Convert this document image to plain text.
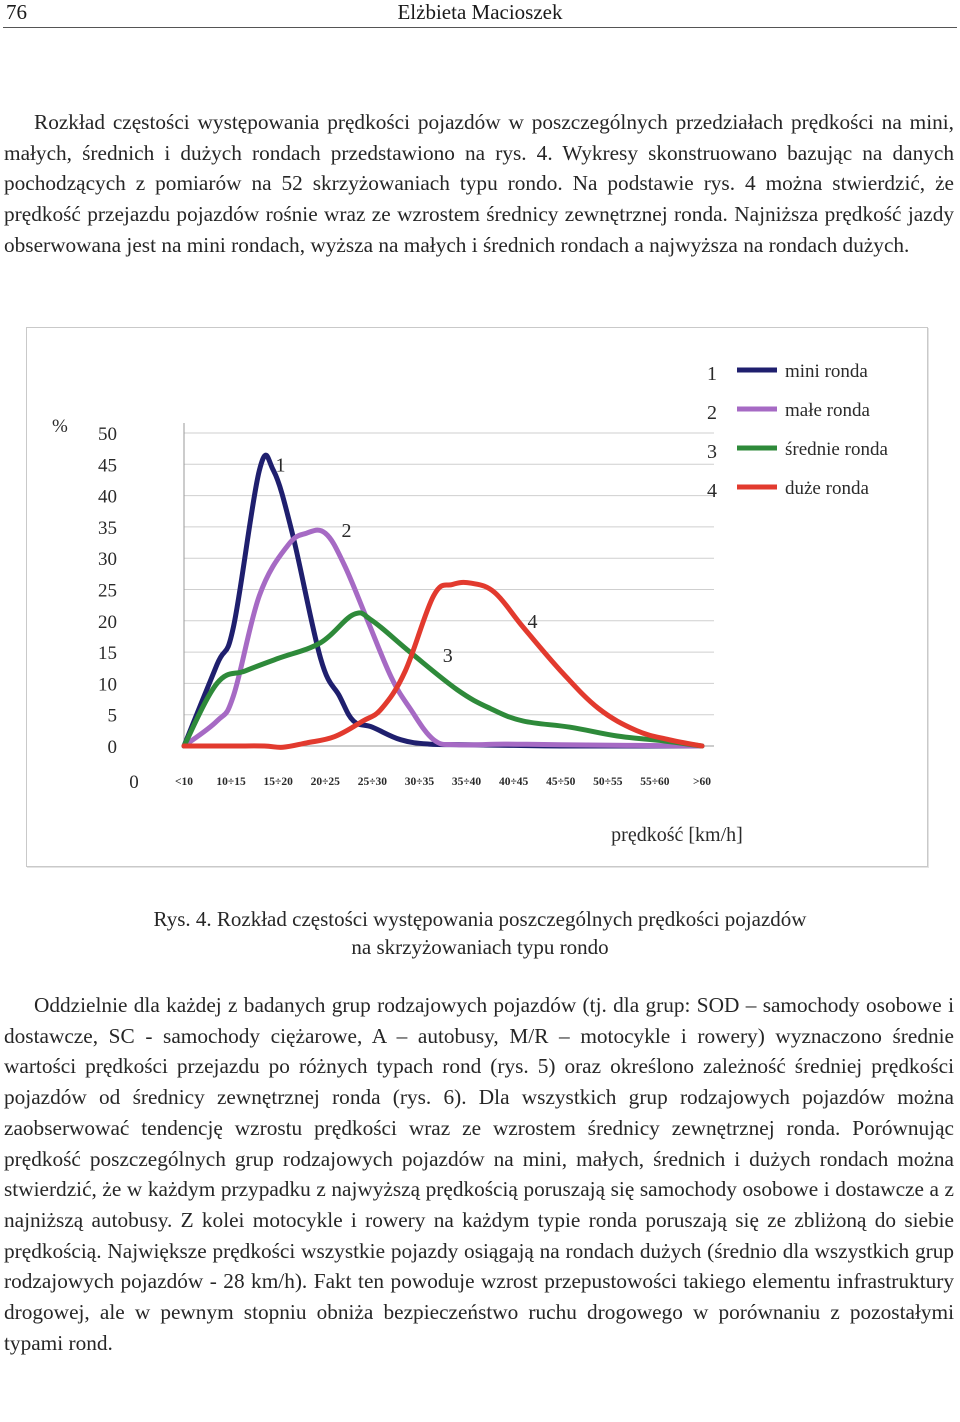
76	Elżbieta Macioszek

Rozkład częstości występowania prędkości pojazdów w poszczególnych przedziałach prędkości na mini, małych, średnich i dużych rondach przedstawiono na rys. 4. Wykresy skonstruowano bazując na danych pochodzących z pomiarów na 52 skrzyżowaniach typu rondo. Na podstawie rys. 4 można stwierdzić, że prędkość przejazdu pojazdów rośnie wraz ze wzrostem średnicy zewnętrznej ronda. Najniższa prędkość jazdy obserwowana jest na mini rondach, wyższa na małych i średnich rondach a najwyższa na rondach dużych.

50
45
40
35
30
25
20
15
10
5
0
%
0	<10 10÷15 15÷20 20÷25 25÷30 30÷35 35÷40 40÷45 45÷50 50÷55 55÷60 >60
prędkość [km/h]
1
2
3
4
1	mini ronda
2	małe ronda
3	średnie ronda
4	duże ronda
Rys. 4. Rozkład częstości występowania poszczególnych prędkości pojazdów
na skrzyżowaniach typu rondo

Oddzielnie dla każdej z badanych grup rodzajowych pojazdów (tj. dla grup: SOD – samochody osobowe i dostawcze, SC - samochody ciężarowe, A – autobusy, M/R – motocykle i rowery) wyznaczono średnie wartości prędkości przejazdu po różnych typach rond (rys. 5) oraz określono zależność średniej prędkości pojazdów od średnicy zewnętrznej ronda (rys. 6). Dla wszystkich grup rodzajowych pojazdów można zaobserwować tendencję wzrostu prędkości wraz ze wzrostem średnicy zewnętrznej ronda. Porównując prędkość poszczególnych grup rodzajowych pojazdów na mini, małych, średnich i dużych rondach można stwierdzić, że w każdym przypadku z najwyższą prędkością poruszają się samochody osobowe i dostawcze a z najniższą autobusy. Z kolei motocykle i rowery na każdym typie ronda poruszają się ze zbliżoną do siebie prędkością. Największe prędkości wszystkie pojazdy osiągają na rondach dużych (średnio dla wszystkich grup rodzajowych pojazdów - 28 km/h). Fakt ten powoduje wzrost przepustowości takiego elementu infrastruktury drogowej, ale w pewnym stopniu obniża bezpieczeństwo ruchu drogowego w porównaniu z pozostałymi typami rond.
